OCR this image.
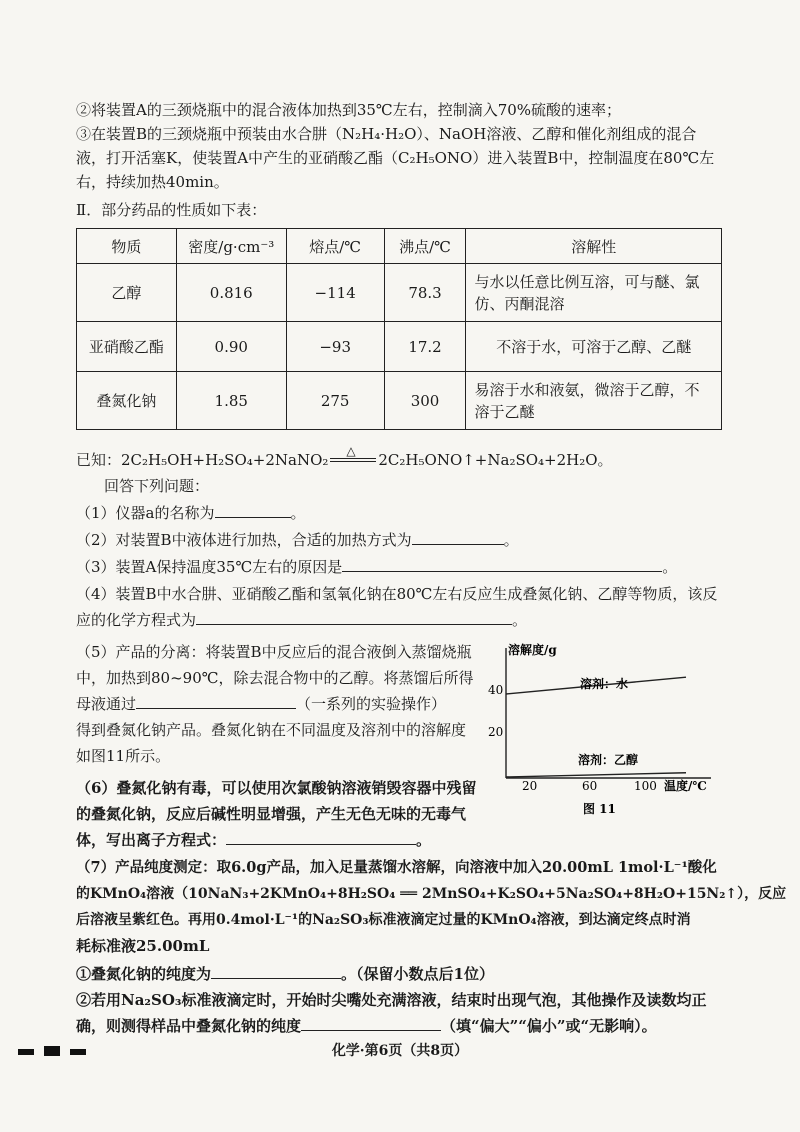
②将装置A的三颈烧瓶中的混合液体加热到35℃左右，控制滴入70%硫酸的速率；
③在装置B的三颈烧瓶中预装由水合肼（N₂H₄·H₂O）、NaOH溶液、乙醇和催化剂组成的混合
液，打开活塞K，使装置A中产生的亚硝酸乙酯（C₂H₅ONO）进入装置B中，控制温度在80℃左
右，持续加热40min。
Ⅱ．部分药品的性质如下表：
物质	密度/g·cm⁻³	熔点/℃	沸点/℃	溶解性
乙醇	0.816	−114	78.3	与水以任意比例互溶，可与醚、氯仿、丙酮混溶
亚硝酸乙酯	0.90	−93	17.2	不溶于水，可溶于乙醇、乙醚
叠氮化钠	1.85	275	300	易溶于水和液氨，微溶于乙醇，不溶于乙醚
已知：2C₂H₅OH+H₂SO₄+2NaNO₂ △ 2C₂H₅ONO↑+Na₂SO₄+2H₂O。
回答下列问题：
（1）仪器a的名称为	。
（2）对装置B中液体进行加热，合适的加热方式为	。
（3）装置A保持温度35℃左右的原因是	。
（4）装置B中水合肼、亚硝酸乙酯和氢氧化钠在80℃左右反应生成叠氮化钠、乙醇等物质，该反
应的化学方程式为	。
（5）产品的分离：将装置B中反应后的混合液倒入蒸馏烧瓶
中，加热到80~90℃，除去混合物中的乙醇。将蒸馏后所得
母液通过	（一系列的实验操作）
得到叠氮化钠产品。叠氮化钠在不同温度及溶剂中的溶解度
如图11所示。
（6）叠氮化钠有毒，可以使用次氯酸钠溶液销毁容器中残留
的叠氮化钠，反应后碱性明显增强，产生无色无味的无毒气
体，写出离子方程式：	。
（7）产品纯度测定：取6.0g产品，加入足量蒸馏水溶解，向溶液中加入20.00mL 1mol·L⁻¹酸化
的KMnO₄溶液（10NaN₃+2KMnO₄+8H₂SO₄ ══ 2MnSO₄+K₂SO₄+5Na₂SO₄+8H₂O+15N₂↑），反应
后溶液呈紫红色。再用0.4mol·L⁻¹的Na₂SO₃标准液滴定过量的KMnO₄溶液，到达滴定终点时消
耗标准液25.00mL
①叠氮化钠的纯度为	。（保留小数点后1位）
②若用Na₂SO₃标准液滴定时，开始时尖嘴处充满溶液，结束时出现气泡，其他操作及读数均正
确，则测得样品中叠氮化钠的纯度	（填“偏大”“偏小”或“无影响）。
溶解度/g
温度/℃
40
20
20	60	100
溶剂：水
溶剂：乙醇
图 11
化学·第6页（共8页）
